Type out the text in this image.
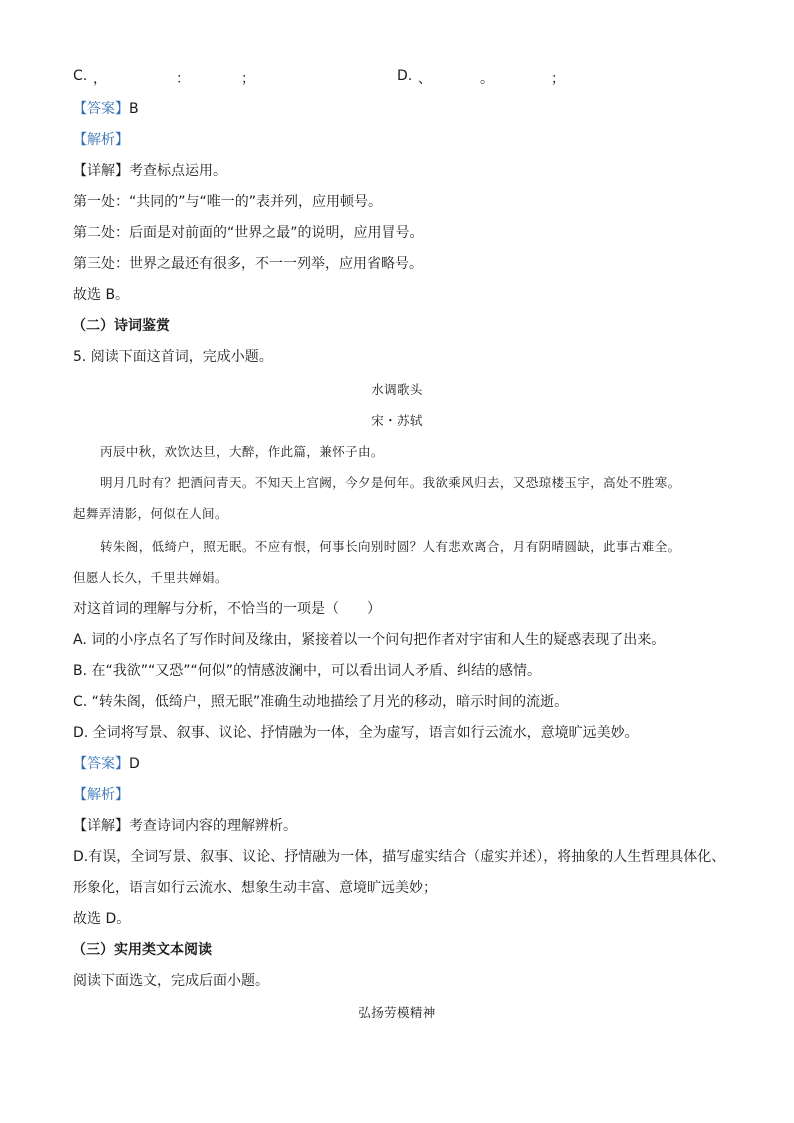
C. ，	：	；	D. 、	。	；
【答案】B
【解析】
【详解】考查标点运用。
第一处：“共同的”与“唯一的”表并列，应用顿号。
第二处：后面是对前面的“世界之最”的说明，应用冒号。
第三处：世界之最还有很多，不一一列举，应用省略号。
故选 B。
（二）诗词鉴赏
5. 阅读下面这首词，完成小题。
水调歌头
宋・苏轼
丙辰中秋，欢饮达旦，大醉，作此篇，兼怀子由。
明月几时有？把酒问青天。不知天上宫阙，今夕是何年。我欲乘风归去，又恐琼楼玉宇，高处不胜寒。
起舞弄清影，何似在人间。
转朱阁，低绮户，照无眠。不应有恨，何事长向别时圆？人有悲欢离合，月有阴晴圆缺，此事古难全。
但愿人长久，千里共婵娟。
对这首词的理解与分析，不恰当的一项是（　　）
A. 词的小序点名了写作时间及缘由，紧接着以一个问句把作者对宇宙和人生的疑惑表现了出来。
B. 在“我欲”“又恐”“何似”的情感波澜中，可以看出词人矛盾、纠结的感情。
C. “转朱阁，低绮户，照无眠”准确生动地描绘了月光的移动，暗示时间的流逝。
D. 全词将写景、叙事、议论、抒情融为一体，全为虚写，语言如行云流水，意境旷远美妙。
【答案】D
【解析】
【详解】考查诗词内容的理解辨析。
D.有误，全词写景、叙事、议论、抒情融为一体，描写虚实结合（虚实并述），将抽象的人生哲理具体化、
形象化，语言如行云流水、想象生动丰富、意境旷远美妙；
故选 D。
（三）实用类文本阅读
阅读下面选文，完成后面小题。
弘扬劳模精神
